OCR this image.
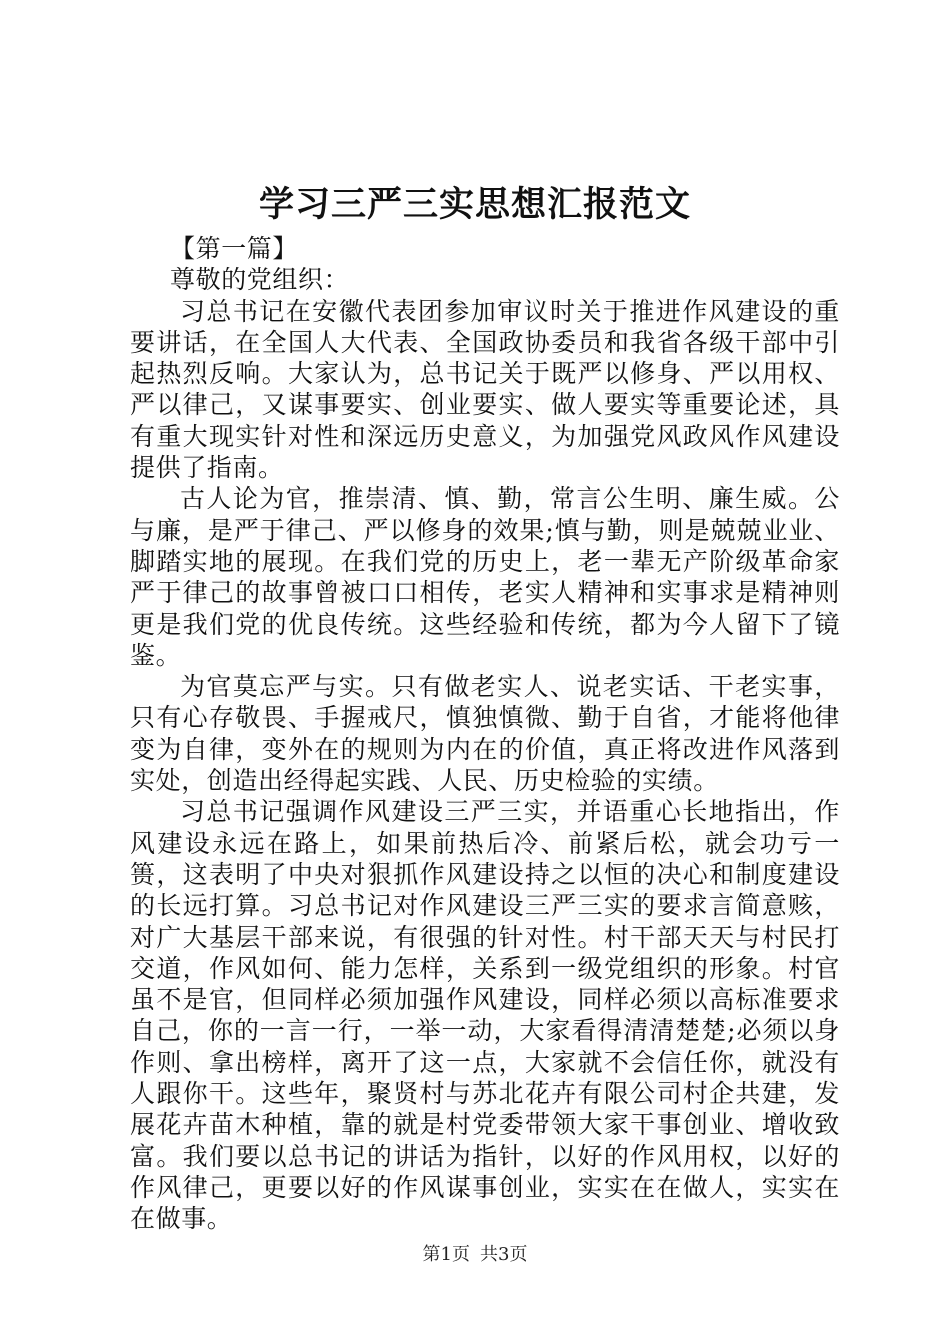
学习三严三实思想汇报范文

【第一篇】

尊敬的党组织：

习总书记在安徽代表团参加审议时关于推进作风建设的重要讲话，在全国人大代表、全国政协委员和我省各级干部中引起热烈反响。大家认为，总书记关于既严以修身、严以用权、严以律己，又谋事要实、创业要实、做人要实等重要论述，具有重大现实针对性和深远历史意义，为加强党风政风作风建设提供了指南。

古人论为官，推崇清、慎、勤，常言公生明、廉生威。公与廉，是严于律己、严以修身的效果;慎与勤，则是兢兢业业、脚踏实地的展现。在我们党的历史上，老一辈无产阶级革命家严于律己的故事曾被口口相传，老实人精神和实事求是精神则更是我们党的优良传统。这些经验和传统，都为今人留下了镜鉴。

为官莫忘严与实。只有做老实人、说老实话、干老实事，只有心存敬畏、手握戒尺，慎独慎微、勤于自省，才能将他律变为自律，变外在的规则为内在的价值，真正将改进作风落到实处，创造出经得起实践、人民、历史检验的实绩。

习总书记强调作风建设三严三实，并语重心长地指出，作风建设永远在路上，如果前热后冷、前紧后松，就会功亏一篑，这表明了中央对狠抓作风建设持之以恒的决心和制度建设的长远打算。习总书记对作风建设三严三实的要求言简意赅，对广大基层干部来说，有很强的针对性。村干部天天与村民打交道，作风如何、能力怎样，关系到一级党组织的形象。村官虽不是官，但同样必须加强作风建设，同样必须以高标准要求自己，你的一言一行，一举一动，大家看得清清楚楚;必须以身作则、拿出榜样，离开了这一点，大家就不会信任你，就没有人跟你干。这些年，聚贤村与苏北花卉有限公司村企共建，发展花卉苗木种植，靠的就是村党委带领大家干事创业、增收致富。我们要以总书记的讲话为指针，以好的作风用权，以好的作风律己，更要以好的作风谋事创业，实实在在做人，实实在在做事。

第1页 共3页
